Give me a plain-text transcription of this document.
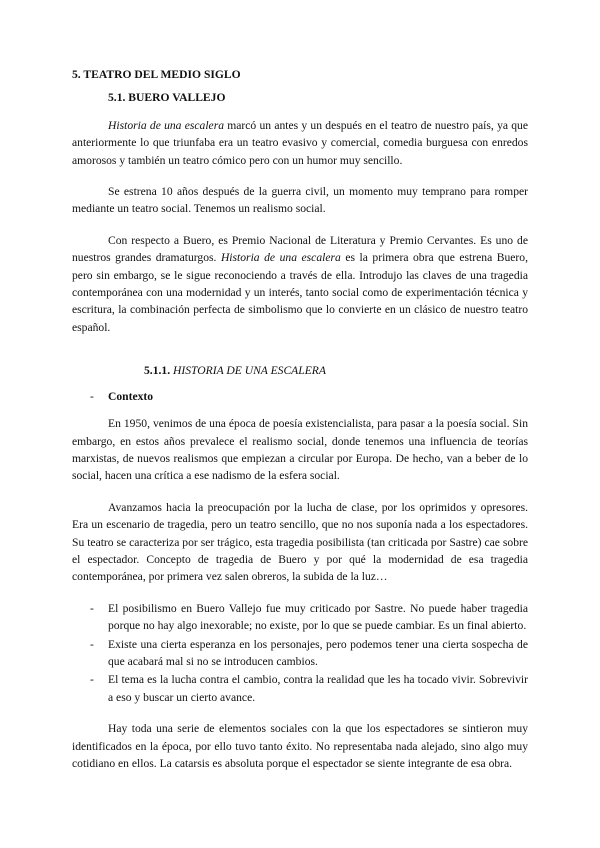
5. TEATRO DEL MEDIO SIGLO
5.1. BUERO VALLEJO

Historia de una escalera marcó un antes y un después en el teatro de nuestro país, ya que anteriormente lo que triunfaba era un teatro evasivo y comercial, comedia burguesa con enredos amorosos y también un teatro cómico pero con un humor muy sencillo.

Se estrena 10 años después de la guerra civil, un momento muy temprano para romper mediante un teatro social. Tenemos un realismo social.

Con respecto a Buero, es Premio Nacional de Literatura y Premio Cervantes. Es uno de nuestros grandes dramaturgos. Historia de una escalera es la primera obra que estrena Buero, pero sin embargo, se le sigue reconociendo a través de ella. Introdujo las claves de una tragedia contemporánea con una modernidad y un interés, tanto social como de experimentación técnica y escritura, la combinación perfecta de simbolismo que lo convierte en un clásico de nuestro teatro español.

5.1.1. HISTORIA DE UNA ESCALERA
-	Contexto

En 1950, venimos de una época de poesía existencialista, para pasar a la poesía social. Sin embargo, en estos años prevalece el realismo social, donde tenemos una influencia de teorías marxistas, de nuevos realismos que empiezan a circular por Europa. De hecho, van a beber de lo social, hacen una crítica a ese nadismo de la esfera social.

Avanzamos hacia la preocupación por la lucha de clase, por los oprimidos y opresores. Era un escenario de tragedia, pero un teatro sencillo, que no nos suponía nada a los espectadores. Su teatro se caracteriza por ser trágico, esta tragedia posibilista (tan criticada por Sastre) cae sobre el espectador. Concepto de tragedia de Buero y por qué la modernidad de esa tragedia contemporánea, por primera vez salen obreros, la subida de la luz…

-	El posibilismo en Buero Vallejo fue muy criticado por Sastre. No puede haber tragedia porque no hay algo inexorable; no existe, por lo que se puede cambiar. Es un final abierto.
-	Existe una cierta esperanza en los personajes, pero podemos tener una cierta sospecha de que acabará mal si no se introducen cambios.
-	El tema es la lucha contra el cambio, contra la realidad que les ha tocado vivir. Sobrevivir a eso y buscar un cierto avance.

Hay toda una serie de elementos sociales con la que los espectadores se sintieron muy identificados en la época, por ello tuvo tanto éxito. No representaba nada alejado, sino algo muy cotidiano en ellos. La catarsis es absoluta porque el espectador se siente integrante de esa obra.
